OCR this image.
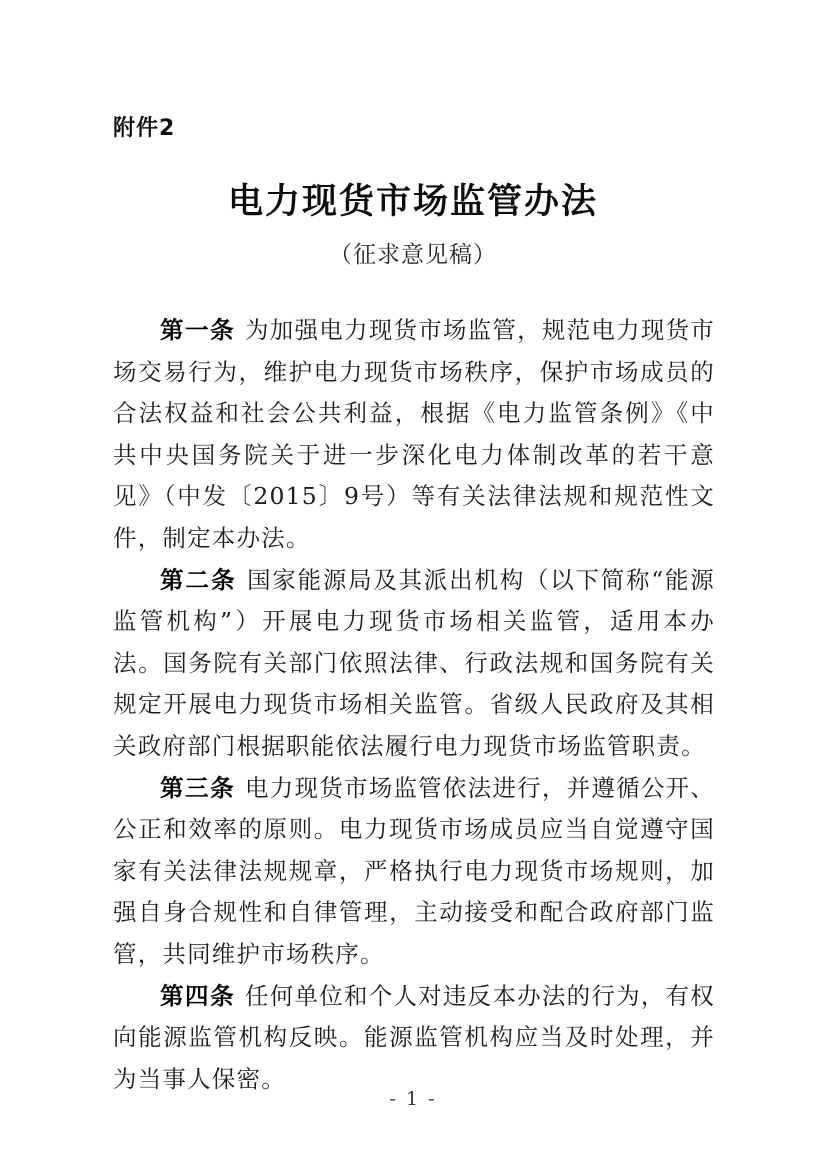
附件2
电力现货市场监管办法
（征求意见稿）

第一条 为加强电力现货市场监管，规范电力现货市场交易行为，维护电力现货市场秩序，保护市场成员的合法权益和社会公共利益，根据《电力监管条例》《中共中央国务院关于进一步深化电力体制改革的若干意见》（中发〔2015〕9号）等有关法律法规和规范性文件，制定本办法。

第二条 国家能源局及其派出机构（以下简称“能源监管机构”）开展电力现货市场相关监管，适用本办法。国务院有关部门依照法律、行政法规和国务院有关规定开展电力现货市场相关监管。省级人民政府及其相关政府部门根据职能依法履行电力现货市场监管职责。

第三条 电力现货市场监管依法进行，并遵循公开、公正和效率的原则。电力现货市场成员应当自觉遵守国家有关法律法规规章，严格执行电力现货市场规则，加强自身合规性和自律管理，主动接受和配合政府部门监管，共同维护市场秩序。

第四条 任何单位和个人对违反本办法的行为，有权向能源监管机构反映。能源监管机构应当及时处理，并为当事人保密。

- 1 -
